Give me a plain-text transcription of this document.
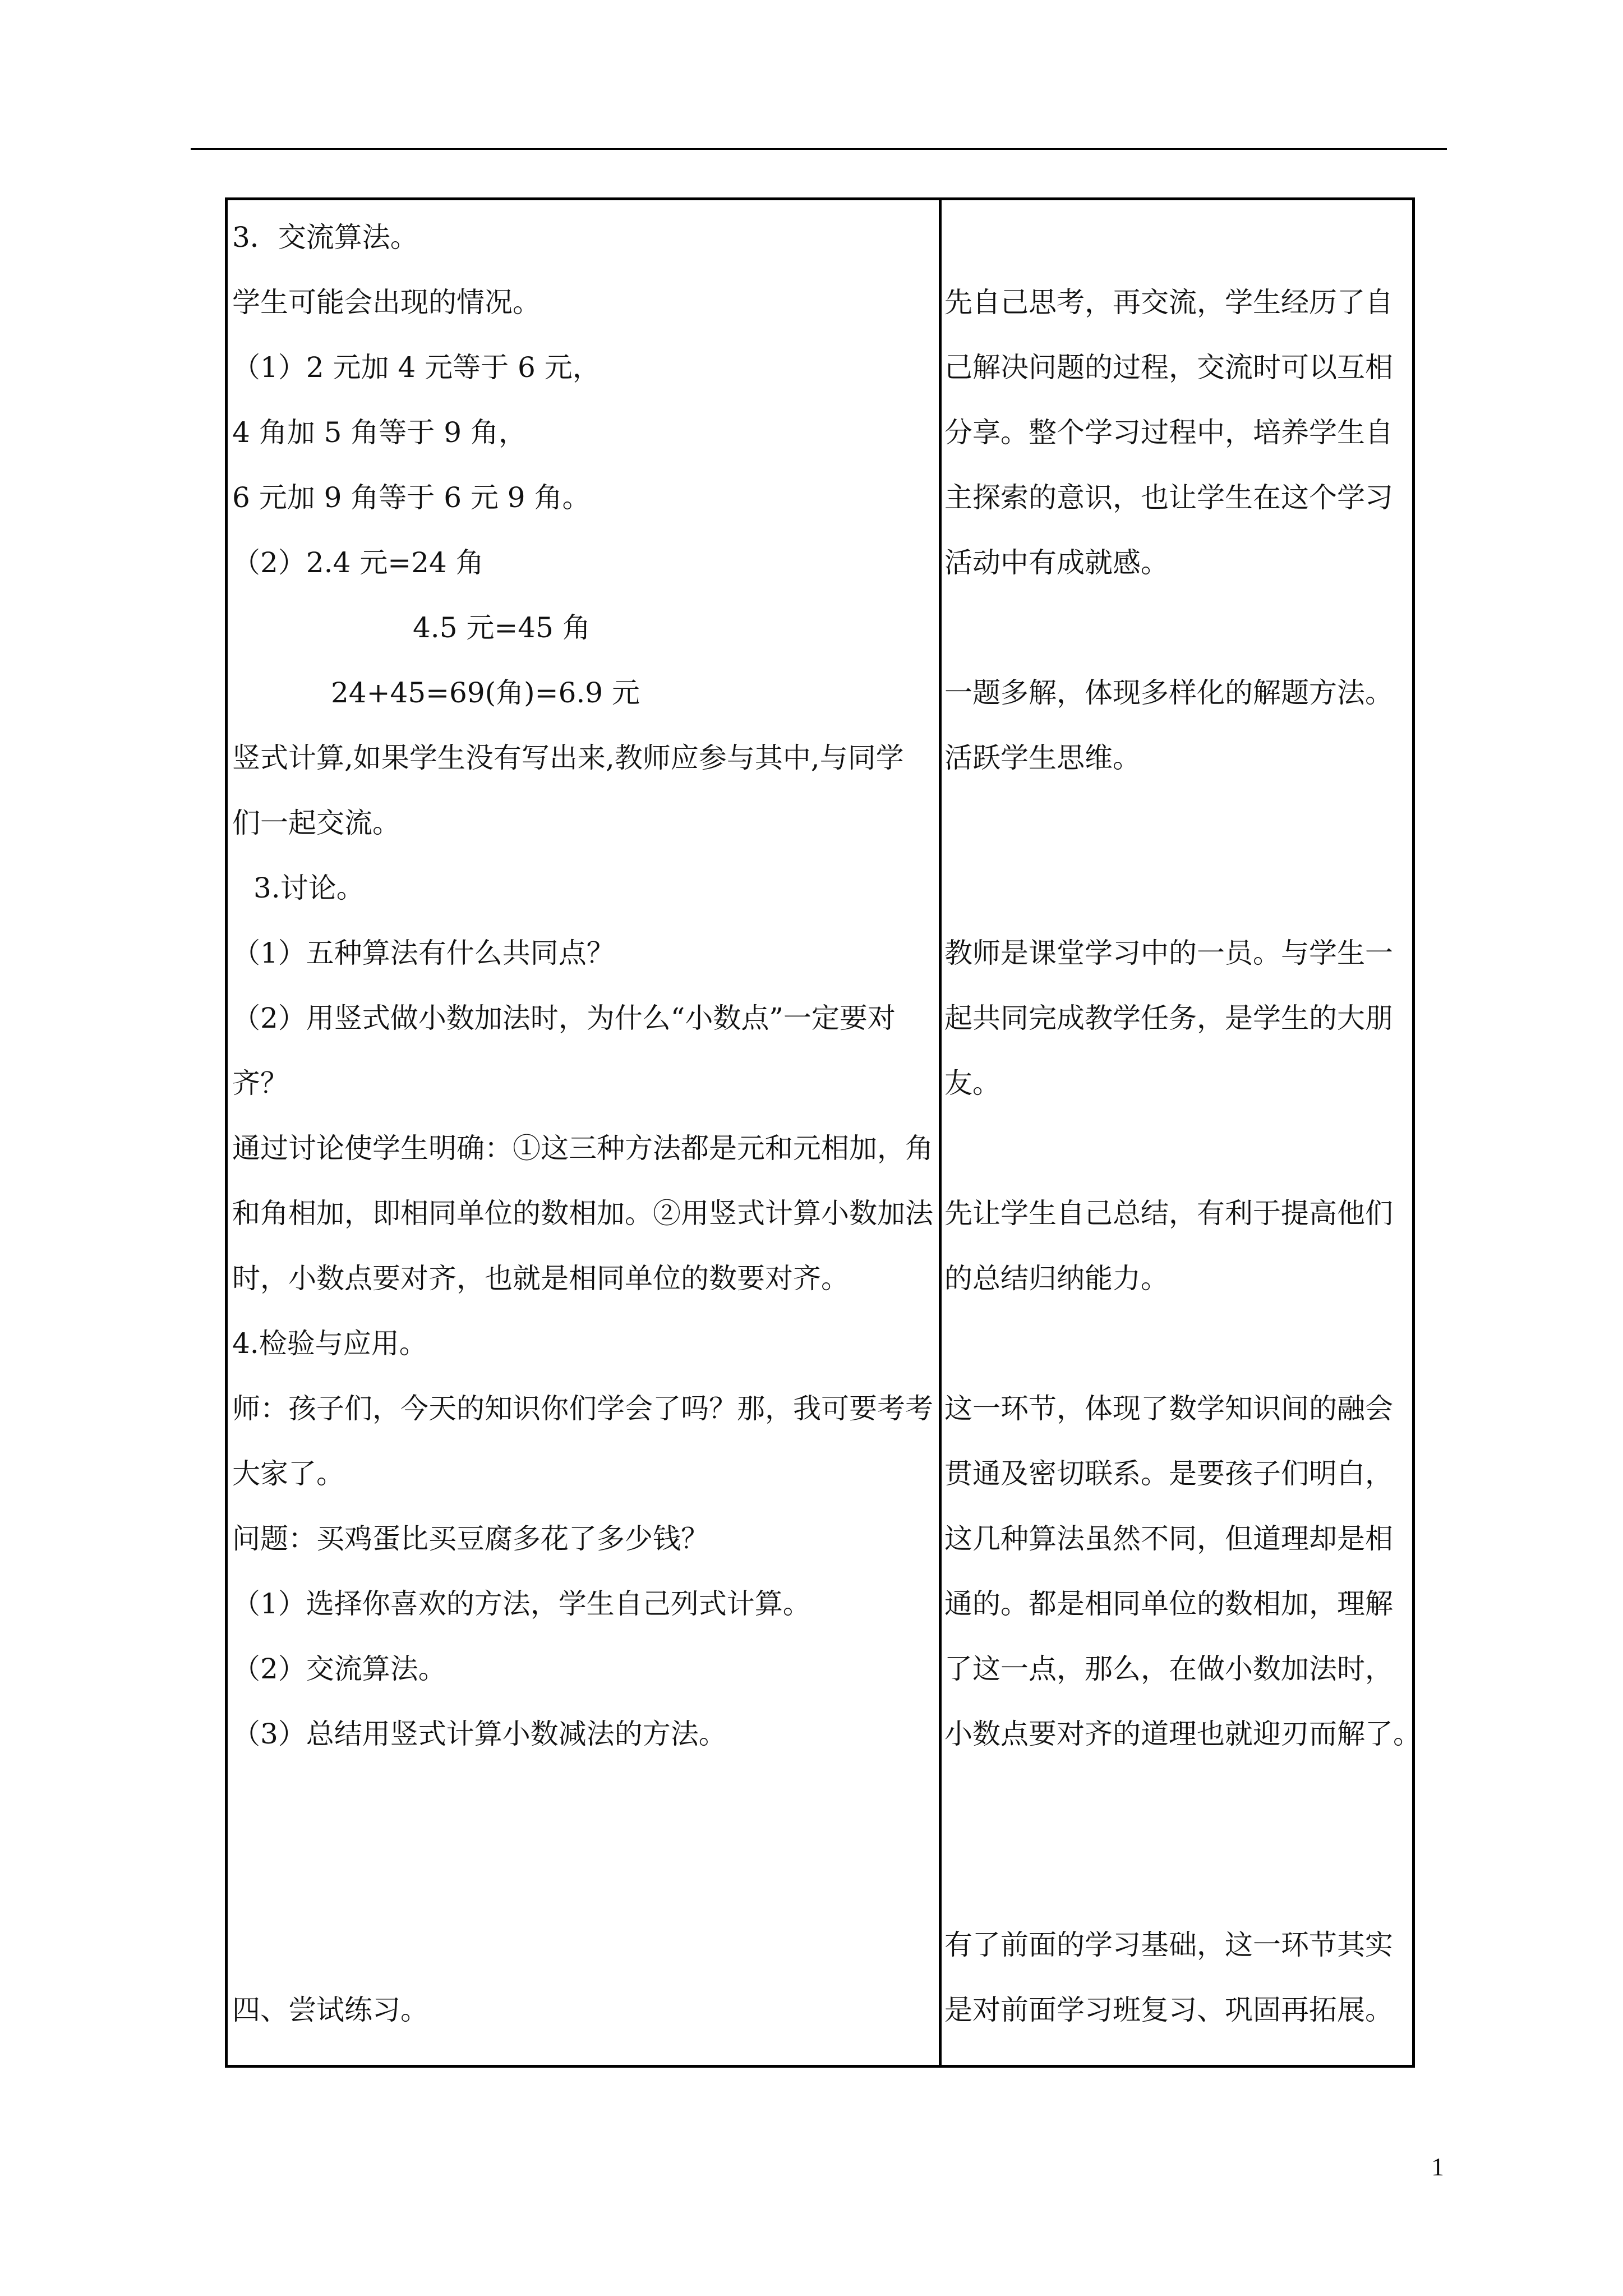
3．交流算法。
学生可能会出现的情况。
（1）2 元加 4 元等于 6 元，
4 角加 5 角等于 9 角，
6 元加 9 角等于 6 元 9 角。
（2）2.4 元=24 角
4.5 元=45 角
24+45=69(角)=6.9 元
竖式计算,如果学生没有写出来,教师应参与其中,与同学
们一起交流。
3.讨论。
（1）五种算法有什么共同点？
（2）用竖式做小数加法时，为什么“小数点”一定要对
齐？
通过讨论使学生明确：①这三种方法都是元和元相加，角
和角相加，即相同单位的数相加。②用竖式计算小数加法
时，小数点要对齐，也就是相同单位的数要对齐。
4.检验与应用。
师：孩子们，今天的知识你们学会了吗？那，我可要考考
大家了。
问题：买鸡蛋比买豆腐多花了多少钱？
（1）选择你喜欢的方法，学生自己列式计算。
（2）交流算法。
（3）总结用竖式计算小数减法的方法。
四、尝试练习。
先自己思考，再交流，学生经历了自
己解决问题的过程，交流时可以互相
分享。整个学习过程中，培养学生自
主探索的意识，也让学生在这个学习
活动中有成就感。
一题多解，体现多样化的解题方法。
活跃学生思维。
教师是课堂学习中的一员。与学生一
起共同完成教学任务，是学生的大朋
友。
先让学生自己总结，有利于提高他们
的总结归纳能力。
这一环节，体现了数学知识间的融会
贯通及密切联系。是要孩子们明白，
这几种算法虽然不同，但道理却是相
通的。都是相同单位的数相加，理解
了这一点，那么，在做小数加法时，
小数点要对齐的道理也就迎刃而解了。
有了前面的学习基础，这一环节其实
是对前面学习班复习、巩固再拓展。
1
